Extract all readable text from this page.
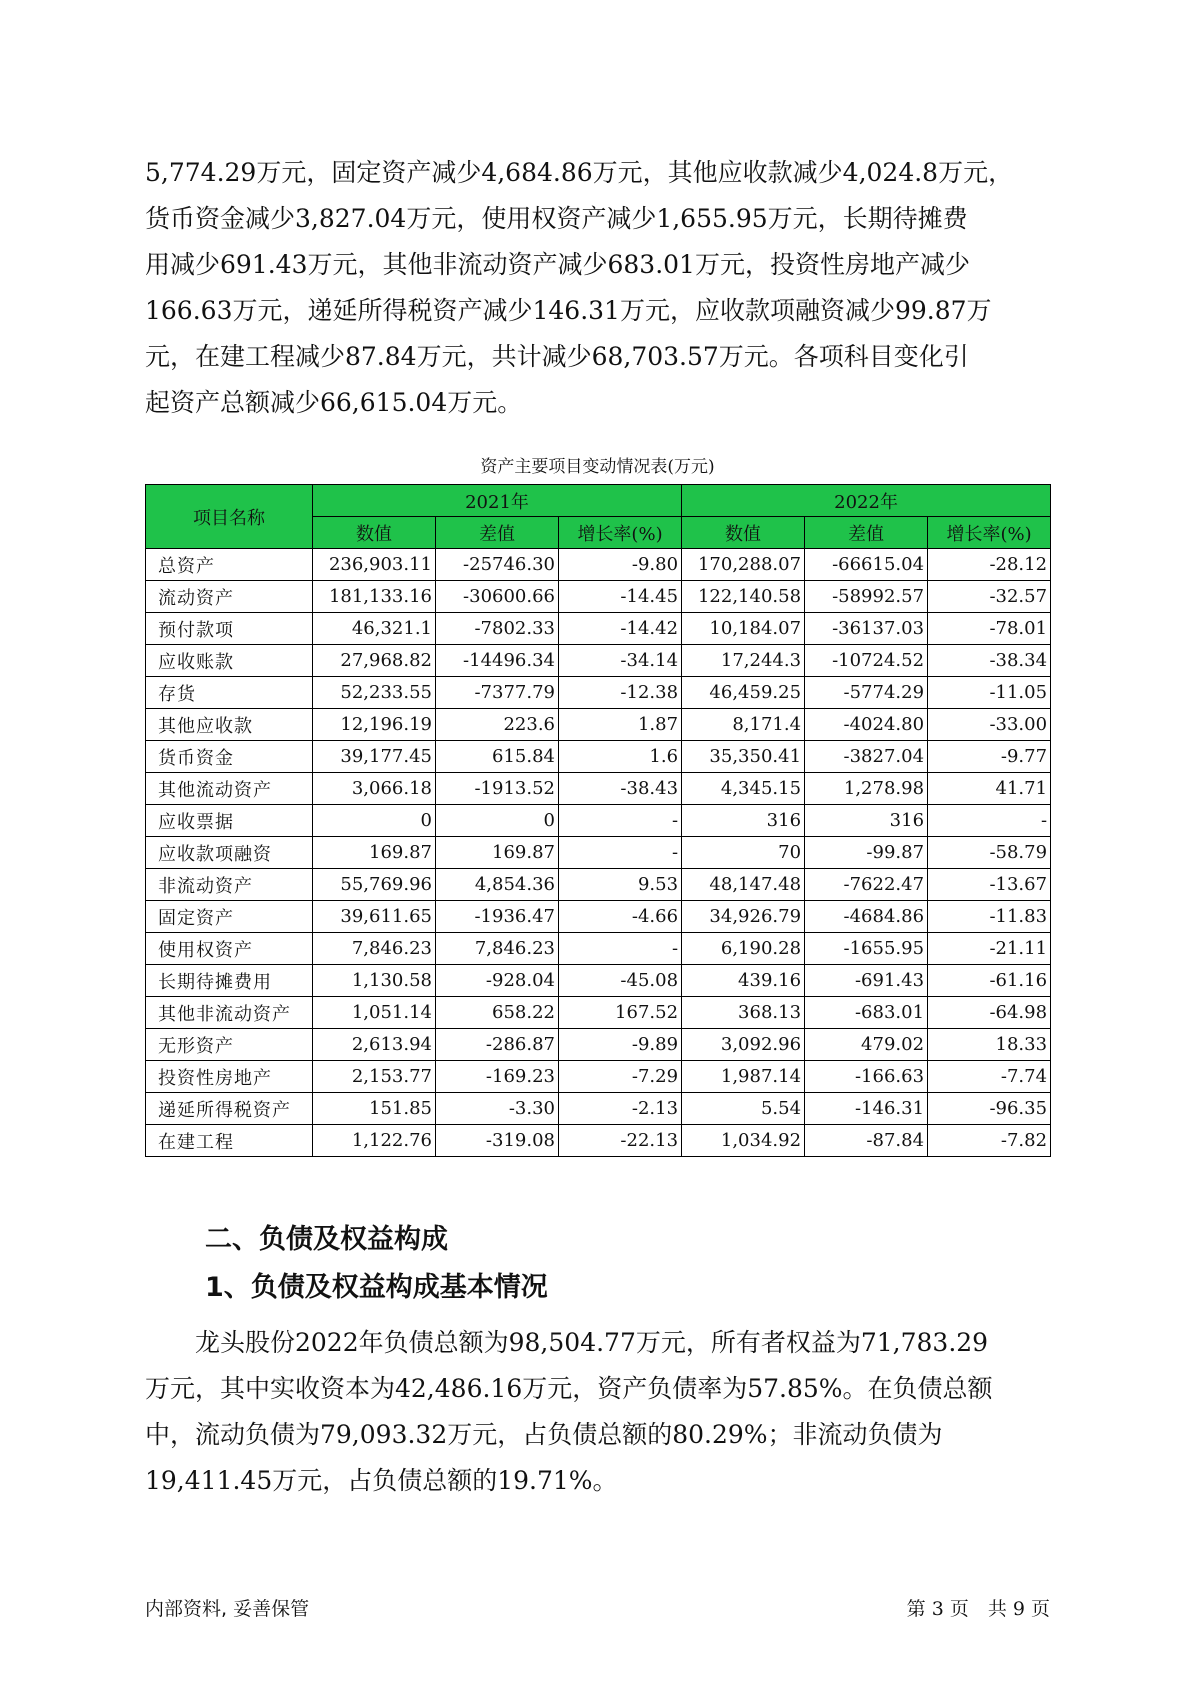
5,774.29万元，固定资产减少4,684.86万元，其他应收款减少4,024.8万元，
货币资金减少3,827.04万元，使用权资产减少1,655.95万元，长期待摊费
用减少691.43万元，其他非流动资产减少683.01万元，投资性房地产减少
166.63万元，递延所得税资产减少146.31万元，应收款项融资减少99.87万
元，在建工程减少87.84万元，共计减少68,703.57万元。各项科目变化引
起资产总额减少66,615.04万元。

资产主要项目变动情况表(万元)
项目名称	2021年			2022年		
	数值	差值	增长率(%)	数值	差值	增长率(%)
总资产	236,903.11	-25746.30	-9.80	170,288.07	-66615.04	-28.12
流动资产	181,133.16	-30600.66	-14.45	122,140.58	-58992.57	-32.57
预付款项	46,321.1	-7802.33	-14.42	10,184.07	-36137.03	-78.01
应收账款	27,968.82	-14496.34	-34.14	17,244.3	-10724.52	-38.34
存货	52,233.55	-7377.79	-12.38	46,459.25	-5774.29	-11.05
其他应收款	12,196.19	223.6	1.87	8,171.4	-4024.80	-33.00
货币资金	39,177.45	615.84	1.6	35,350.41	-3827.04	-9.77
其他流动资产	3,066.18	-1913.52	-38.43	4,345.15	1,278.98	41.71
应收票据	0	0	-	316	316	-
应收款项融资	169.87	169.87	-	70	-99.87	-58.79
非流动资产	55,769.96	4,854.36	9.53	48,147.48	-7622.47	-13.67
固定资产	39,611.65	-1936.47	-4.66	34,926.79	-4684.86	-11.83
使用权资产	7,846.23	7,846.23	-	6,190.28	-1655.95	-21.11
长期待摊费用	1,130.58	-928.04	-45.08	439.16	-691.43	-61.16
其他非流动资产	1,051.14	658.22	167.52	368.13	-683.01	-64.98
无形资产	2,613.94	-286.87	-9.89	3,092.96	479.02	18.33
投资性房地产	2,153.77	-169.23	-7.29	1,987.14	-166.63	-7.74
递延所得税资产	151.85	-3.30	-2.13	5.54	-146.31	-96.35
在建工程	1,122.76	-319.08	-22.13	1,034.92	-87.84	-7.82
二、负债及权益构成
1、负债及权益构成基本情况

　　龙头股份2022年负债总额为98,504.77万元，所有者权益为71,783.29
万元，其中实收资本为42,486.16万元，资产负债率为57.85%。在负债总额
中，流动负债为79,093.32万元，占负债总额的80.29%；非流动负债为
19,411.45万元，占负债总额的19.71%。

内部资料, 妥善保管	第 3 页　共 9 页
